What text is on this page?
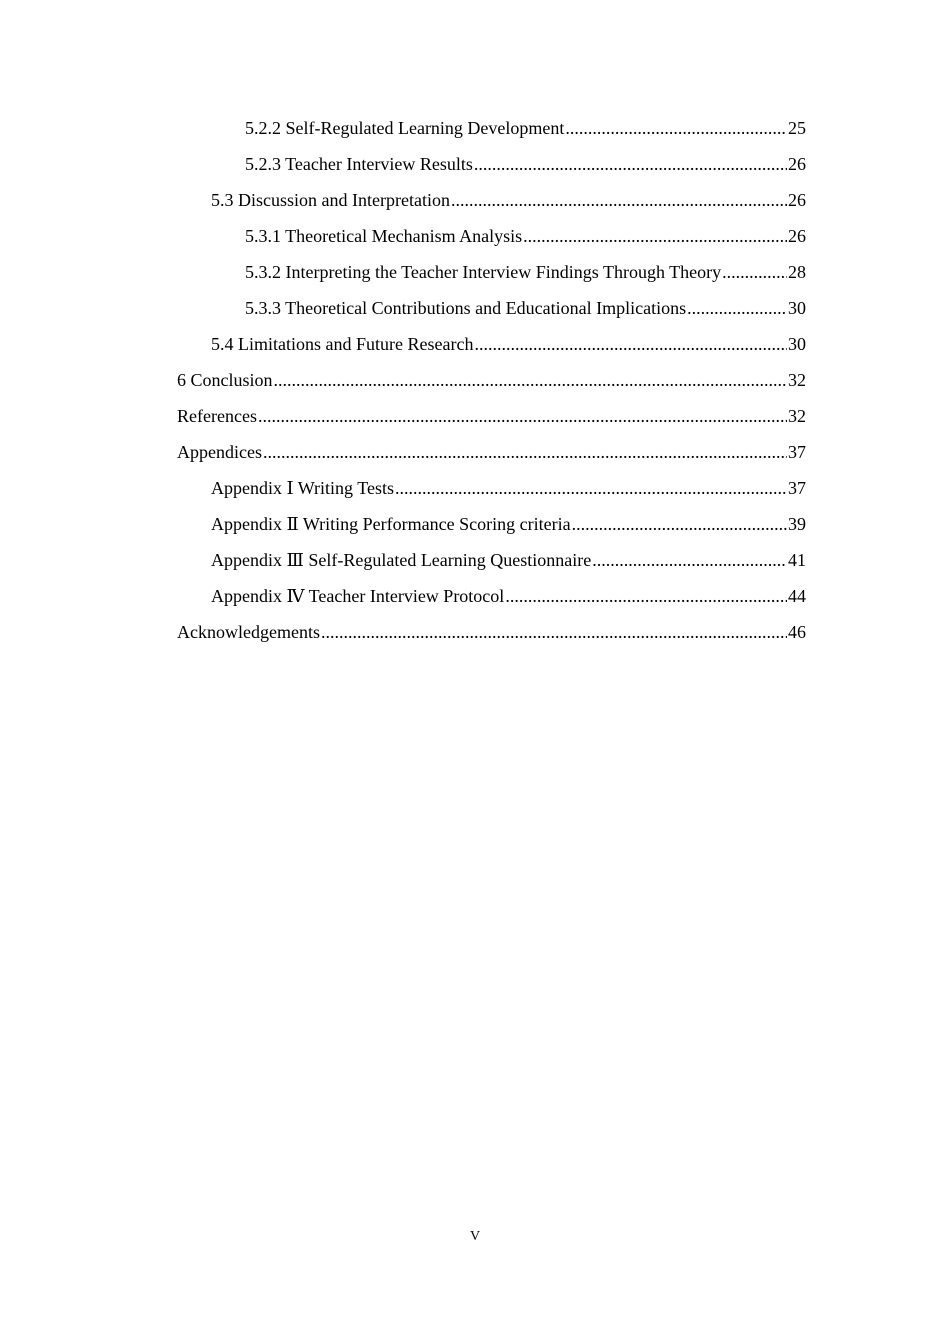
5.2.2 Self-Regulated Learning Development .....	25
5.2.3 Teacher Interview Results .....	26
5.3 Discussion and Interpretation .....	26
5.3.1 Theoretical Mechanism Analysis .....	26
5.3.2 Interpreting the Teacher Interview Findings Through Theory .....	28
5.3.3 Theoretical Contributions and Educational Implications .....	30
5.4 Limitations and Future Research .....	30
6 Conclusion .....	32
References .....	32
Appendices .....	37
Appendix Ⅰ Writing Tests .....	37
Appendix Ⅱ Writing Performance Scoring criteria .....	39
Appendix Ⅲ Self-Regulated Learning Questionnaire .....	41
Appendix Ⅳ Teacher Interview Protocol .....	44
Acknowledgements .....	46
V
